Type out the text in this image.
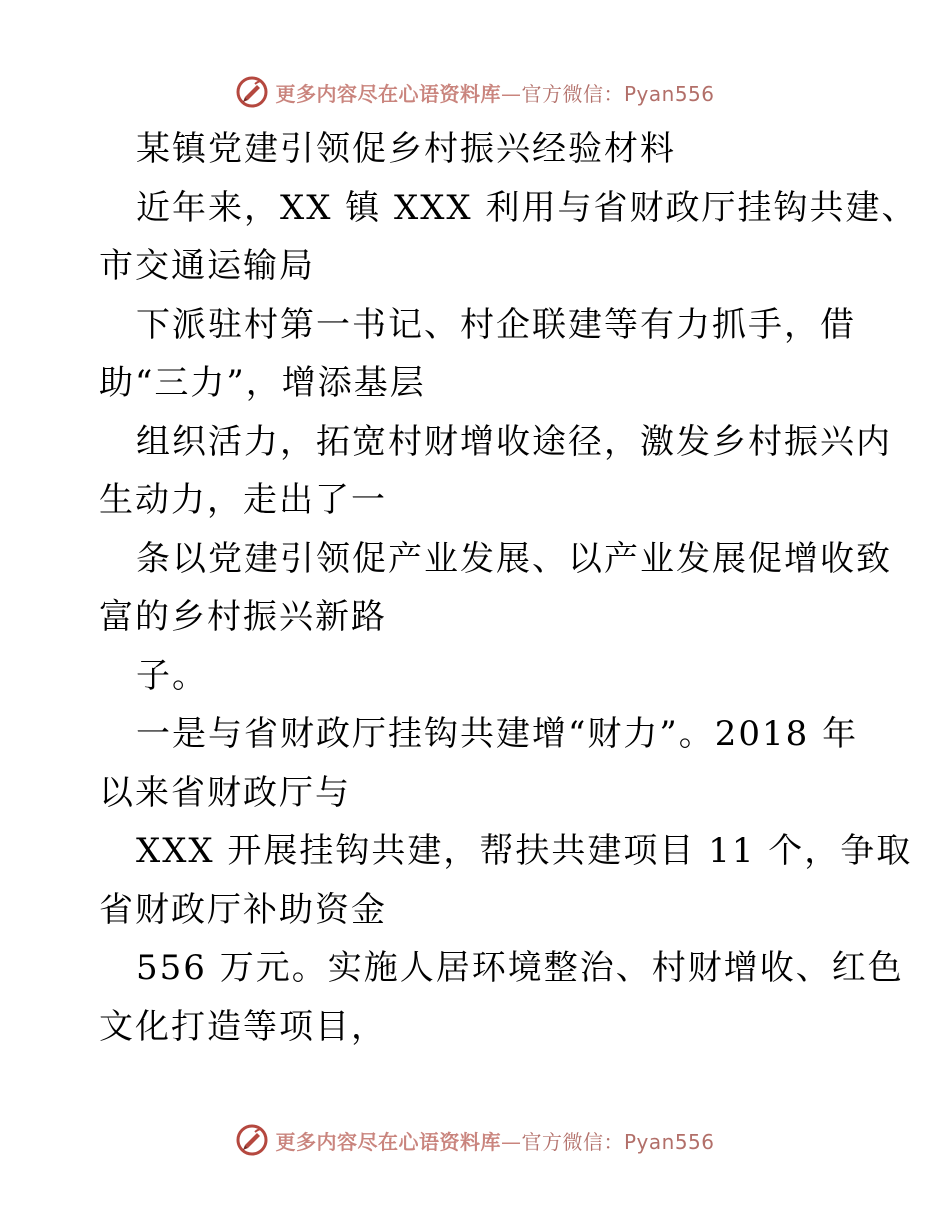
更多内容尽在心语资料库—官方微信：Pyan556
某镇党建引领促乡村振兴经验材料
近年来，XX 镇 XXX 利用与省财政厅挂钩共建、
市交通运输局
下派驻村第一书记、村企联建等有力抓手，借
助“三力”，增添基层
组织活力，拓宽村财增收途径，激发乡村振兴内
生动力，走出了一
条以党建引领促产业发展、以产业发展促增收致
富的乡村振兴新路
子。
一是与省财政厅挂钩共建增“财力”。2018 年
以来省财政厅与
XXX 开展挂钩共建，帮扶共建项目 11 个，争取
省财政厅补助资金
556 万元。实施人居环境整治、村财增收、红色
文化打造等项目，
更多内容尽在心语资料库—官方微信：Pyan556
